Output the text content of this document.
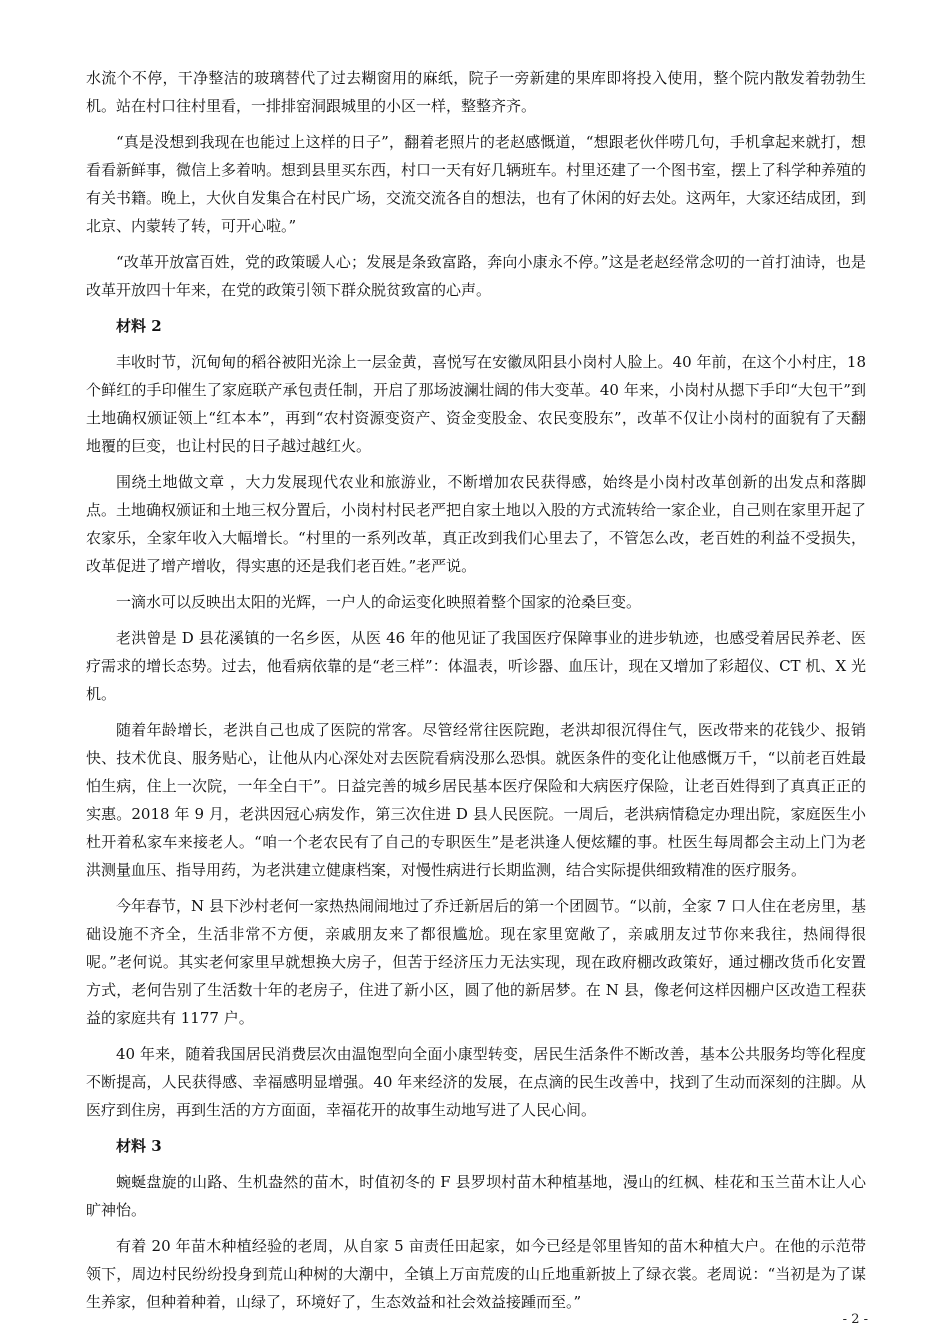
水流个不停，干净整洁的玻璃替代了过去糊窗用的麻纸，院子一旁新建的果库即将投入使用，整个院内散发着勃勃生机。站在村口往村里看，一排排窑洞跟城里的小区一样，整整齐齐。

“真是没想到我现在也能过上这样的日子”，翻着老照片的老赵感慨道，“想跟老伙伴唠几句，手机拿起来就打，想看看新鲜事，微信上多着呐。想到县里买东西，村口一天有好几辆班车。村里还建了一个图书室，摆上了科学种养殖的有关书籍。晚上，大伙自发集合在村民广场，交流交流各自的想法，也有了休闲的好去处。这两年，大家还结成团，到北京、内蒙转了转，可开心啦。”

“改革开放富百姓，党的政策暖人心；发展是条致富路，奔向小康永不停。”这是老赵经常念叨的一首打油诗，也是改革开放四十年来，在党的政策引领下群众脱贫致富的心声。

材料 2

丰收时节，沉甸甸的稻谷被阳光涂上一层金黄，喜悦写在安徽凤阳县小岗村人脸上。40 年前，在这个小村庄，18 个鲜红的手印催生了家庭联产承包责任制，开启了那场波澜壮阔的伟大变革。40 年来，小岗村从摁下手印“大包干”到土地确权颁证领上“红本本”，再到“农村资源变资产、资金变股金、农民变股东”，改革不仅让小岗村的面貌有了天翻地覆的巨变，也让村民的日子越过越红火。

围绕土地做文章 ，大力发展现代农业和旅游业，不断增加农民获得感，始终是小岗村改革创新的出发点和落脚点。土地确权颁证和土地三权分置后，小岗村村民老严把自家土地以入股的方式流转给一家企业，自己则在家里开起了农家乐，全家年收入大幅增长。“村里的一系列改革，真正改到我们心里去了，不管怎么改，老百姓的利益不受损失，改革促进了增产增收，得实惠的还是我们老百姓。”老严说。

一滴水可以反映出太阳的光辉，一户人的命运变化映照着整个国家的沧桑巨变。

老洪曾是 D 县花溪镇的一名乡医，从医 46 年的他见证了我国医疗保障事业的进步轨迹，也感受着居民养老、医疗需求的增长态势。过去，他看病依靠的是“老三样”：体温表，听诊器、血压计，现在又增加了彩超仪、CT 机、X 光机。

随着年龄增长，老洪自己也成了医院的常客。尽管经常往医院跑，老洪却很沉得住气，医改带来的花钱少、报销快、技术优良、服务贴心，让他从内心深处对去医院看病没那么恐惧。就医条件的变化让他感慨万千，“以前老百姓最怕生病，住上一次院，一年全白干”。日益完善的城乡居民基本医疗保险和大病医疗保险，让老百姓得到了真真正正的实惠。2018 年 9 月，老洪因冠心病发作，第三次住进 D 县人民医院。一周后，老洪病情稳定办理出院，家庭医生小杜开着私家车来接老人。“咱一个老农民有了自己的专职医生”是老洪逢人便炫耀的事。杜医生每周都会主动上门为老洪测量血压、指导用药，为老洪建立健康档案，对慢性病进行长期监测，结合实际提供细致精准的医疗服务。

今年春节，N 县下沙村老何一家热热闹闹地过了乔迁新居后的第一个团圆节。“以前，全家 7 口人住在老房里，基础设施不齐全，生活非常不方便，亲戚朋友来了都很尴尬。现在家里宽敞了，亲戚朋友过节你来我往，热闹得很呢。”老何说。其实老何家里早就想换大房子，但苦于经济压力无法实现，现在政府棚改政策好，通过棚改货币化安置方式，老何告别了生活数十年的老房子，住进了新小区，圆了他的新居梦。在 N 县，像老何这样因棚户区改造工程获益的家庭共有 1177 户。

40 年来，随着我国居民消费层次由温饱型向全面小康型转变，居民生活条件不断改善，基本公共服务均等化程度不断提高，人民获得感、幸福感明显增强。40 年来经济的发展，在点滴的民生改善中，找到了生动而深刻的注脚。从医疗到住房，再到生活的方方面面，幸福花开的故事生动地写进了人民心间。

材料 3

蜿蜒盘旋的山路、生机盎然的苗木，时值初冬的 F 县罗坝村苗木种植基地，漫山的红枫、桂花和玉兰苗木让人心旷神怡。

有着 20 年苗木种植经验的老周，从自家 5 亩责任田起家，如今已经是邻里皆知的苗木种植大户。在他的示范带领下，周边村民纷纷投身到荒山种树的大潮中，全镇上万亩荒废的山丘地重新披上了绿衣裳。老周说：“当初是为了谋生养家，但种着种着，山绿了，环境好了，生态效益和社会效益接踵而至。”

- 2 -
